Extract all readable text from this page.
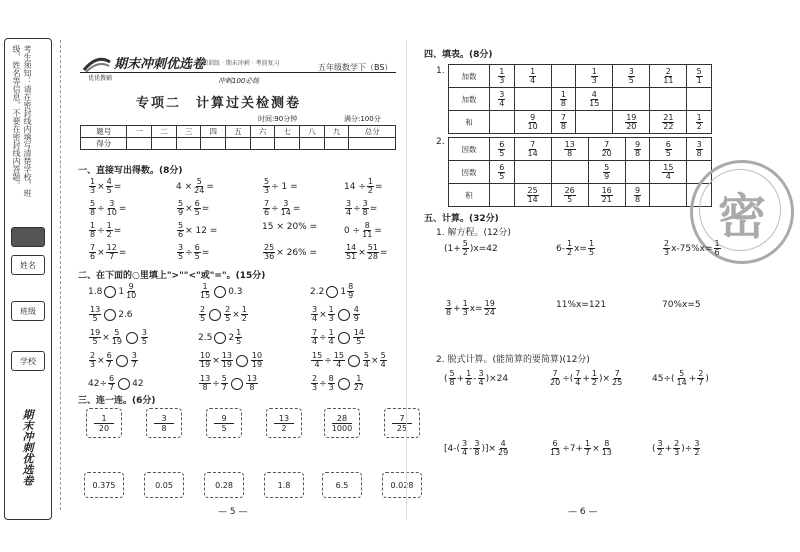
考生须知：请在密封线内填写清楚学校、班级、姓名等信息，不要在密封线内答题。
姓名
班级
学校
期末冲刺优选卷
期末冲刺优选卷
优优教辅
专项训练 · 期末冲刺 · 考前复习	五年级数学下（BS）
冲刺100必练
专项二　计算过关检测卷
时间:90分钟	满分:100分
题号	一	二	三	四	五	六	七	八	九	总分
得分										
一、直接写出得数。(8分)
$\frac{1}{3} \times \frac{4}{5}$ =	$4 \times \frac{5}{24}$ =	$\frac{5}{3} \div 1$ =	$14 \div \frac{1}{2}$ =
$\frac{5}{8} \div \frac{3}{10}$ =	$\frac{5}{9} \times \frac{6}{5}$ =	$\frac{7}{6} \div \frac{3}{14}$ =	$\frac{3}{4} \div \frac{3}{8}$ =
$\frac{1}{8} \div \frac{1}{2}$ =	$\frac{5}{6} \times 12$ =	15 × 20% =	$0 \div \frac{8}{11}$ =
$\frac{7}{6} \times \frac{12}{7}$ =	$\frac{3}{5} \div \frac{6}{5}$ =	$\frac{25}{36} \times 26\%$ =	$\frac{14}{51} \times \frac{51}{28}$ =
二、在下面的○里填上">""<"或"="。(15分)
1.8 $1 \frac{9}{10}$	$\frac{1}{15} 0.3$	2.2 $1 \frac{8}{9}$
$\frac{13}{5} 2.6$	$\frac{2}{5} \frac{2}{5} \times \frac{1}{2}$	$\frac{3}{4} \times \frac{1}{3} \frac{4}{9}$
$\frac{19}{5} \times \frac{5}{19} \frac{3}{5}$	2.5 $2 \frac{1}{5}$	$\frac{7}{4} \div \frac{1}{4} \frac{14}{5}$
$\frac{2}{3} \times \frac{6}{7} \frac{3}{7}$	$\frac{10}{19} \times \frac{13}{19} \frac{10}{19}$	$\frac{15}{4} \div \frac{15}{4} \frac{5}{4} \times \frac{5}{4}$
$42\div \frac{6}{7} 42$	$\frac{13}{8} \div \frac{5}{7} \frac{13}{8}$	$\frac{2}{3} \div \frac{8}{3} \frac{1}{27}$
三、连一连。(6分)
1
20
3
8
9
5
13
2
28
1000
7
25
0.375	0.05	0.28	1.8	6.5	0.028
— 5 —
四、填表。(8分)
1. 加数	$\frac{1}{3}$	$\frac{1}{4}$		$\frac{1}{3}$	$\frac{3}{5}$	$\frac{2}{11}$	$\frac{5}{1}$

加数	$\frac{3}{4}$		$\frac{1}{8}$	$\frac{4}{15}$

和		$\frac{9}{10}$	$\frac{7}{8}$		$\frac{19}{20}$	$\frac{21}{22}$	$\frac{1}{2}$
2.
因数	$\frac{6}{5}$	$\frac{7}{14}$	$\frac{13}{8}$	$\frac{7}{20}$	$\frac{9}{8}$	$\frac{6}{5}$	$\frac{3}{8}$

因数	$\frac{6}{5}$			$\frac{5}{9}$		$\frac{15}{4}$

积		$\frac{25}{14}$	$\frac{26}{5}$	$\frac{16}{21}$	$\frac{9}{8}$
		密
五、计算。(32分)
1. 解方程。(12分)
$(1+ \frac{5}{2} )x=42$	$6- \frac{1}{2} x= \frac{1}{5}$	$\frac{2}{3} x-75\%x= \frac{1}{6}$
$\frac{3}{8} + \frac{1}{3} x= \frac{19}{24}$	11%x=121	70%x=5
2. 脱式计算。(能简算的要简算)(12分)
( $\frac{5}{8} + \frac{1}{6} - \frac{3}{4} )\times 24$	$\frac{7}{20}$ ÷( $\frac{7}{4} + \frac{1}{2}$ )× $\frac{7}{25}$	$45\div( \frac{5}{14} + \frac{2}{7}$ )
[$4-( \frac{3}{4} - \frac{3}{8}$ )]× $\frac{4}{29}$	$\frac{6}{13} \div 7+ \frac{1}{7} \times \frac{8}{13}$	( $\frac{3}{2} + \frac{2}{3}$ )÷ $\frac{3}{2}$
— 6 —
